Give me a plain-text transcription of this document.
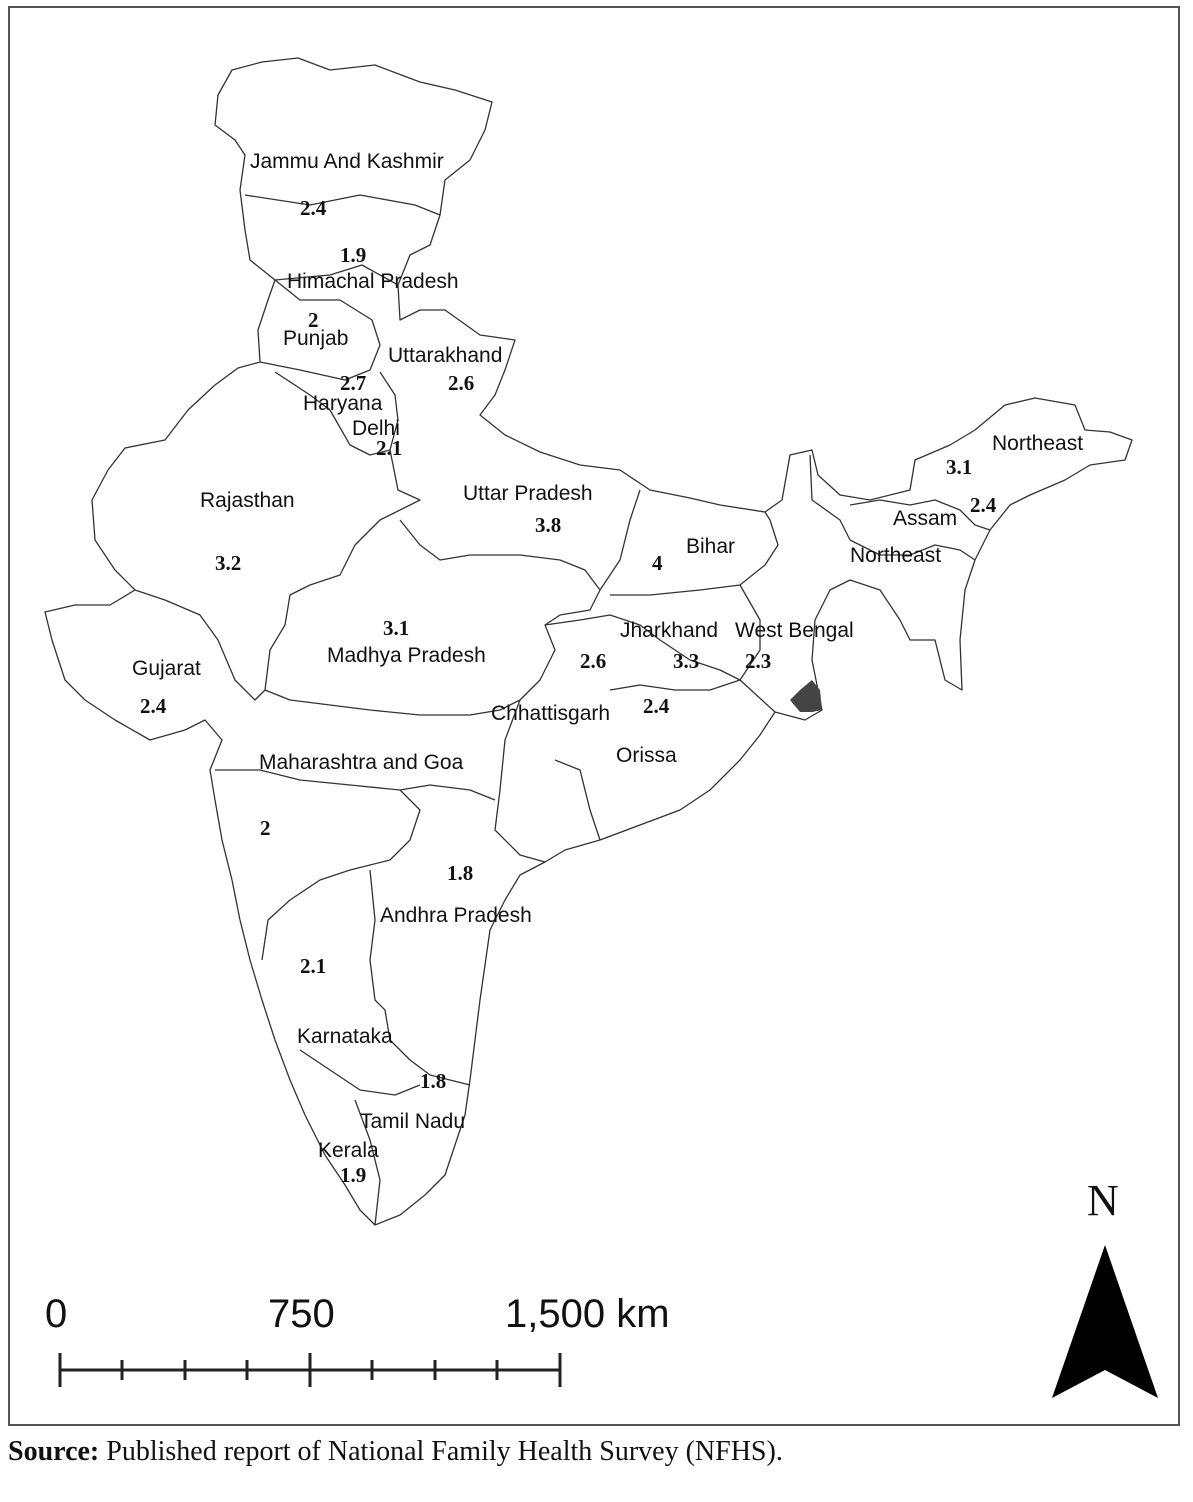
Jammu And Kashmir
2.4
Himachal Pradesh
1.9
Punjab
2
Uttarakhand
2.6
Haryana
2.7
Delhi
2.1
Rajasthan
3.2
Uttar Pradesh
3.8
Bihar
4
Northeast
3.1
Assam
2.4
Northeast
Gujarat
2.4
Madhya Pradesh
3.1	Jharkhand
3.3
West Bengal
2.3
Chhattisgarh
2.6
Orissa
2.4
Maharashtra and Goa
2
Andhra Pradesh
1.8
Karnataka
2.1
Tamil Nadu
1.8
Kerala
1.9
0	750	1,500 km
N
Source: Published report of National Family Health Survey (NFHS).
